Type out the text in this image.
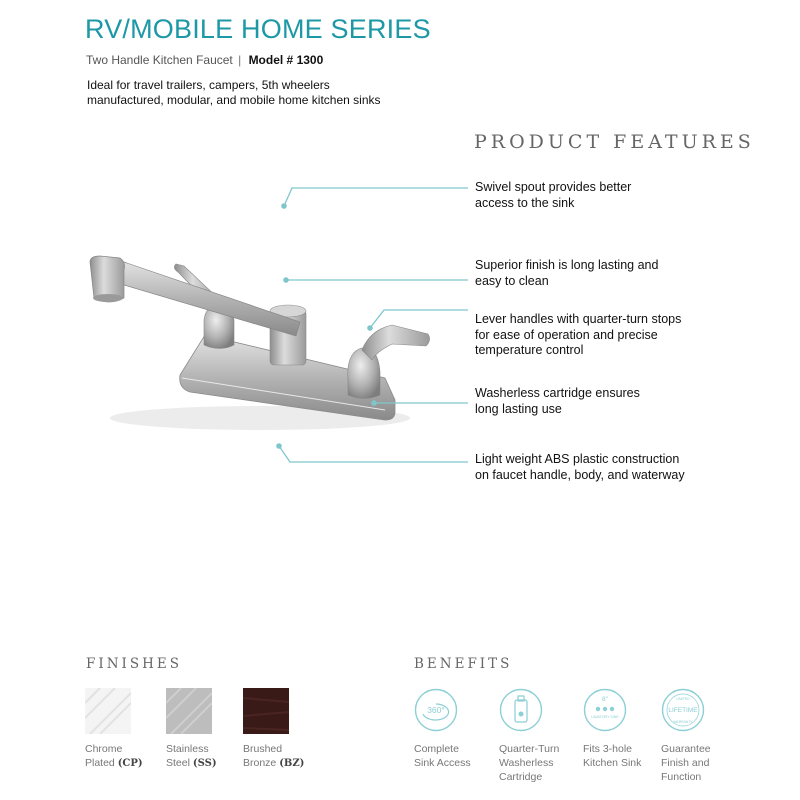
RV/MOBILE HOME SERIES
Two Handle Kitchen Faucet | Model # 1300
Ideal for travel trailers, campers, 5th wheelers
manufactured, modular, and mobile home kitchen sinks
PRODUCT FEATURES
Swivel spout provides better
access to the sink
Superior finish is long lasting and
easy to clean
Lever handles with quarter-turn stops
for ease of operation and precise
temperature control
Washerless cartridge ensures
long lasting use
Light weight ABS plastic construction
on faucet handle, body, and waterway
FINISHES
Chrome
Plated (CP)
Stainless
Steel (SS)
Brushed
Bronze (BZ)
BENEFITS
360°
8"
LAVATORY SINK
LIMITED
LIFETIME
WARRANTY
Complete
Sink Access
Quarter-Turn
Washerless
Cartridge
Fits 3-hole
Kitchen Sink
Guarantee
Finish and
Function
